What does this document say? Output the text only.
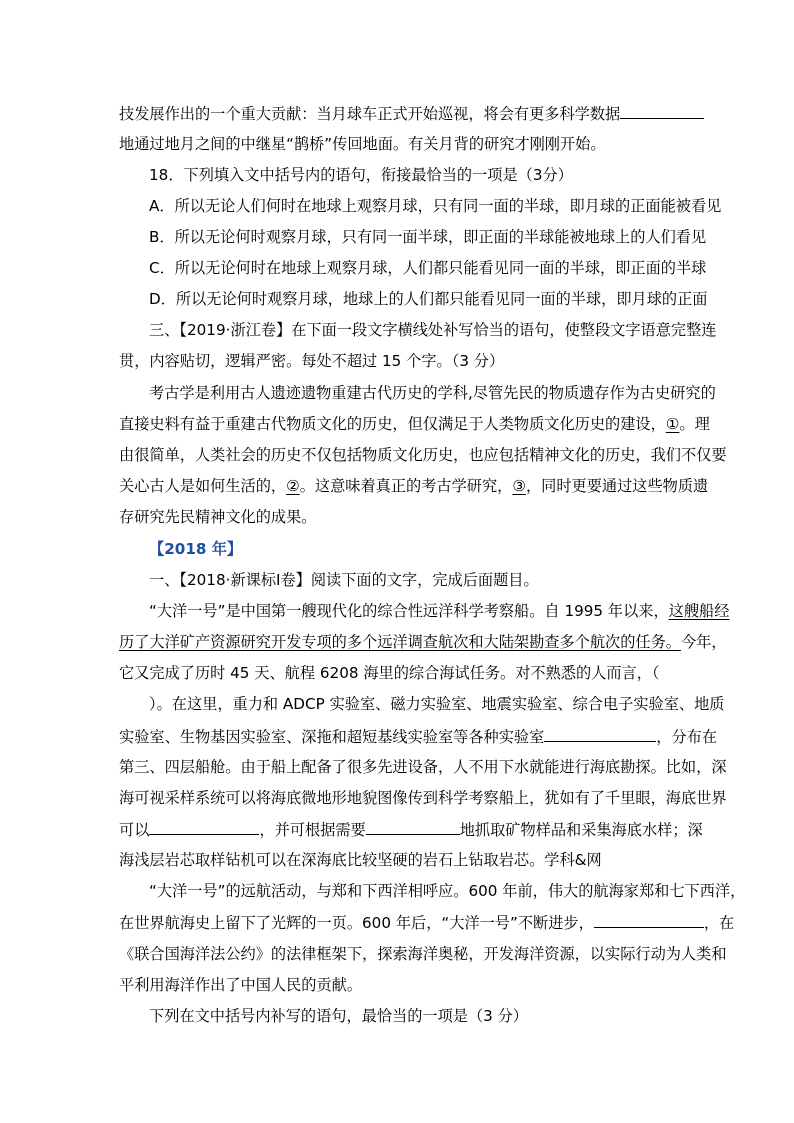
技发展作出的一个重大贡献：当月球车正式开始巡视，将会有更多科学数据
地通过地月之间的中继星“鹊桥”传回地面。有关月背的研究才刚刚开始。
18．下列填入文中括号内的语句，衔接最恰当的一项是（3分）
A．所以无论人们何时在地球上观察月球，只有同一面的半球，即月球的正面能被看见
B．所以无论何时观察月球，只有同一面半球，即正面的半球能被地球上的人们看见
C．所以无论何时在地球上观察月球，人们都只能看见同一面的半球，即正面的半球
D．所以无论何时观察月球，地球上的人们都只能看见同一面的半球，即月球的正面
三、【2019·浙江卷】在下面一段文字横线处补写恰当的语句，使整段文字语意完整连
贯，内容贴切，逻辑严密。每处不超过 15 个字。（3 分）
考古学是利用古人遗迹遗物重建古代历史的学科,尽管先民的物质遗存作为古史研究的
直接史料有益于重建古代物质文化的历史，但仅满足于人类物质文化历史的建设，①。理
由很简单，人类社会的历史不仅包括物质文化历史，也应包括精神文化的历史，我们不仅要
关心古人是如何生活的，②。这意味着真正的考古学研究，③，同时更要通过这些物质遗
存研究先民精神文化的成果。
【2018 年】
一、【2018·新课标Ⅰ卷】阅读下面的文字，完成后面题目。
“大洋一号”是中国第一艘现代化的综合性远洋科学考察船。自 1995 年以来，这艘船经
历了大洋矿产资源研究开发专项的多个远洋调查航次和大陆架勘查多个航次的任务。今年，
它又完成了历时 45 天、航程 6208 海里的综合海试任务。对不熟悉的人而言，（
）。在这里，重力和 ADCP 实验室、磁力实验室、地震实验室、综合电子实验室、地质
实验室、生物基因实验室、深拖和超短基线实验室等各种实验室	，分布在
第三、四层船舱。由于船上配备了很多先进设备，人不用下水就能进行海底勘探。比如，深
海可视采样系统可以将海底微地形地貌图像传到科学考察船上，犹如有了千里眼，海底世界
可以	，并可根据需要	地抓取矿物样品和采集海底水样；深
海浅层岩芯取样钻机可以在深海底比较坚硬的岩石上钻取岩芯。学科&网
“大洋一号”的远航活动，与郑和下西洋相呼应。600 年前，伟大的航海家郑和七下西洋，
在世界航海史上留下了光辉的一页。600 年后，“大洋一号”不断进步，	，在
《联合国海洋法公约》的法律框架下，探索海洋奥秘，开发海洋资源，以实际行动为人类和
平利用海洋作出了中国人民的贡献。
下列在文中括号内补写的语句，最恰当的一项是（3 分）
